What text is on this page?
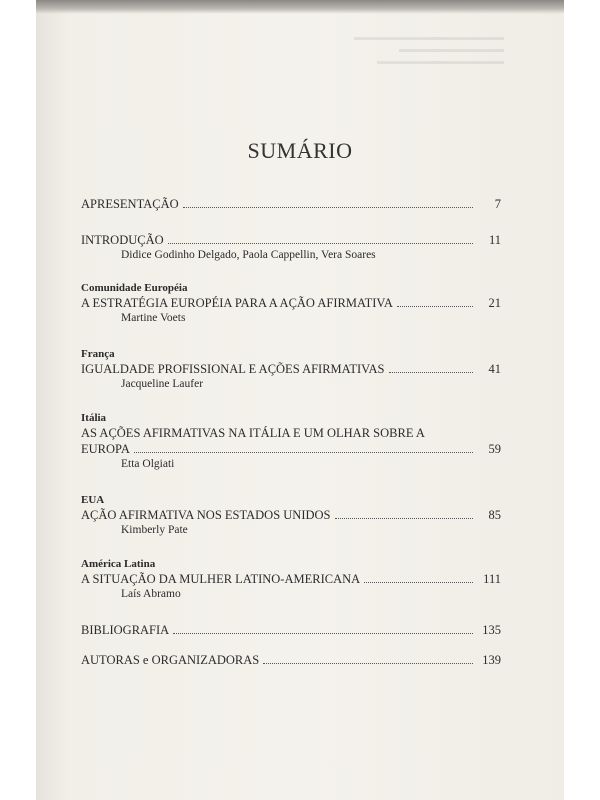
SUMÁRIO
APRESENTAÇÃO	7
INTRODUÇÃO	11
Didice Godinho Delgado, Paola Cappellin, Vera Soares
Comunidade Européia
A ESTRATÉGIA EUROPÉIA PARA A AÇÃO AFIRMATIVA	21
Martine Voets
França
IGUALDADE PROFISSIONAL E AÇÕES AFIRMATIVAS	41
Jacqueline Laufer
Itália
AS AÇÕES AFIRMATIVAS NA ITÁLIA E UM OLHAR SOBRE A
EUROPA	59
Etta Olgiati
EUA
AÇÃO AFIRMATIVA NOS ESTADOS UNIDOS	85
Kimberly Pate
América Latina
A SITUAÇÃO DA MULHER LATINO-AMERICANA	111
Laís Abramo
BIBLIOGRAFIA	135
AUTORAS e ORGANIZADORAS	139
